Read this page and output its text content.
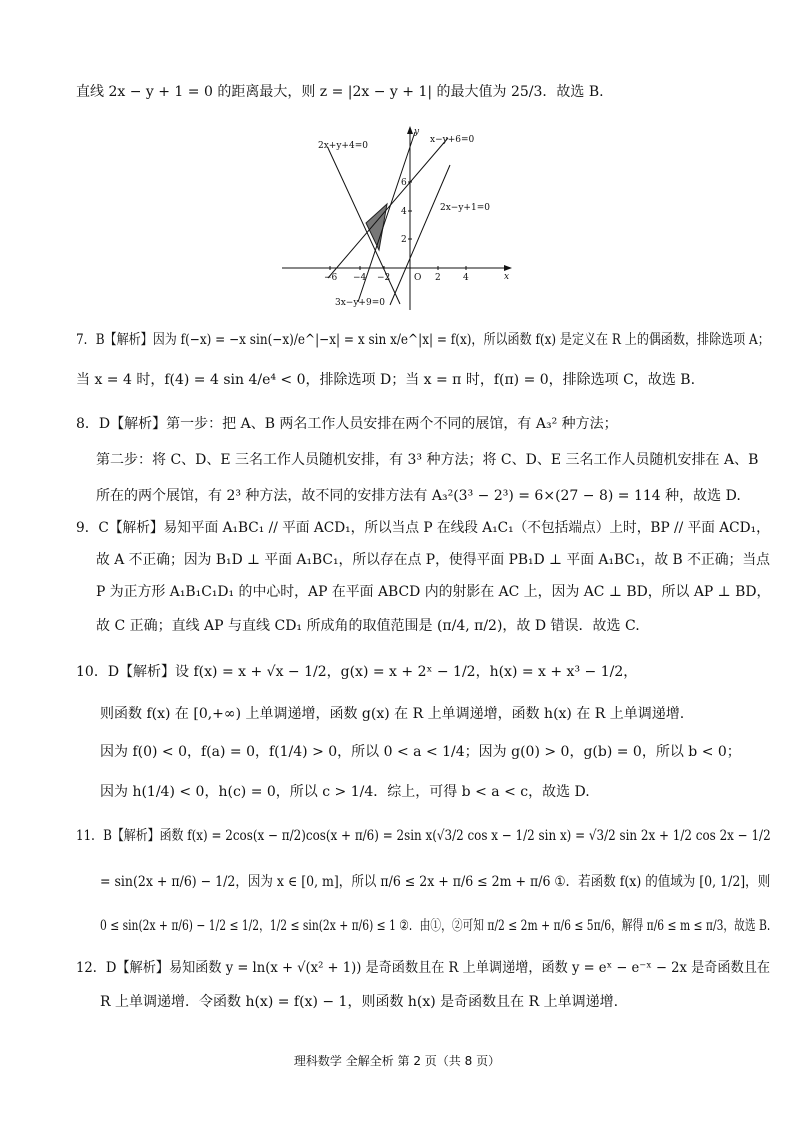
直线 2x − y + 1 = 0 的距离最大，则 z = |2x − y + 1| 的最大值为 25/3．故选 B.
2x+y+4=0
x−y+6=0
2x−y+1=0
3x−y+9=0
−6 −4 −2	2 4
6
4
2
O	x
y
7．B【解析】因为 f(−x) = −x sin(−x)/e^|−x| = x sin x/e^|x| = f(x)，所以函数 f(x) 是定义在 R 上的偶函数，排除选项 A；
当 x = 4 时，f(4) = 4 sin 4/e⁴ < 0，排除选项 D；当 x = π 时，f(π) = 0，排除选项 C，故选 B.
8．D【解析】第一步：把 A、B 两名工作人员安排在两个不同的展馆，有 A₃² 种方法；
第二步：将 C、D、E 三名工作人员随机安排，有 3³ 种方法；将 C、D、E 三名工作人员随机安排在 A、B
所在的两个展馆，有 2³ 种方法，故不同的安排方法有 A₃²(3³ − 2³) = 6×(27 − 8) = 114 种，故选 D.
9．C【解析】易知平面 A₁BC₁ // 平面 ACD₁，所以当点 P 在线段 A₁C₁（不包括端点）上时，BP // 平面 ACD₁，
故 A 不正确；因为 B₁D ⊥ 平面 A₁BC₁，所以存在点 P，使得平面 PB₁D ⊥ 平面 A₁BC₁，故 B 不正确；当点
P 为正方形 A₁B₁C₁D₁ 的中心时，AP 在平面 ABCD 内的射影在 AC 上，因为 AC ⊥ BD，所以 AP ⊥ BD，
故 C 正确；直线 AP 与直线 CD₁ 所成角的取值范围是 (π/4, π/2)，故 D 错误．故选 C.
10．D【解析】设 f(x) = x + √x − 1/2，g(x) = x + 2ˣ − 1/2，h(x) = x + x³ − 1/2，
则函数 f(x) 在 [0,+∞) 上单调递增，函数 g(x) 在 R 上单调递增，函数 h(x) 在 R 上单调递增.
因为 f(0) < 0，f(a) = 0，f(1/4) > 0，所以 0 < a < 1/4；因为 g(0) > 0，g(b) = 0，所以 b < 0；
因为 h(1/4) < 0，h(c) = 0，所以 c > 1/4．综上，可得 b < a < c，故选 D.
11．B【解析】函数 f(x) = 2cos(x − π/2)cos(x + π/6) = 2sin x(√3/2 cos x − 1/2 sin x) = √3/2 sin 2x + 1/2 cos 2x − 1/2
= sin(2x + π/6) − 1/2，因为 x ∈ [0, m]，所以 π/6 ≤ 2x + π/6 ≤ 2m + π/6 ①．若函数 f(x) 的值域为 [0, 1/2]，则
0 ≤ sin(2x + π/6) − 1/2 ≤ 1/2，1/2 ≤ sin(2x + π/6) ≤ 1 ②．由①，②可知 π/2 ≤ 2m + π/6 ≤ 5π/6，解得 π/6 ≤ m ≤ π/3，故选 B.
12．D【解析】易知函数 y = ln(x + √(x² + 1)) 是奇函数且在 R 上单调递增，函数 y = eˣ − e⁻ˣ − 2x 是奇函数且在
R 上单调递增．令函数 h(x) = f(x) − 1，则函数 h(x) 是奇函数且在 R 上单调递增.
理科数学 全解全析 第 2 页（共 8 页）
